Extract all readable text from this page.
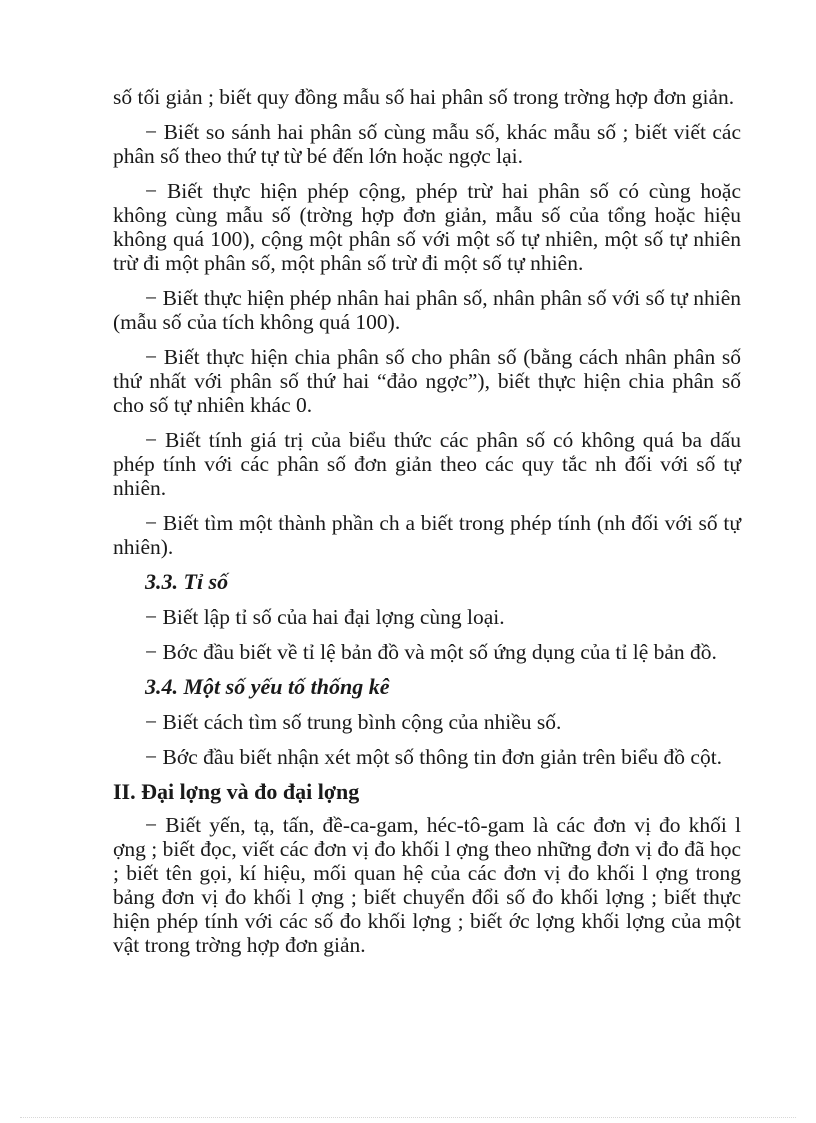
số tối giản ; biết quy đồng mẫu số hai phân số trong trờng hợp đơn giản.

− Biết so sánh hai phân số cùng mẫu số, khác mẫu số ; biết viết các phân số theo thứ tự từ bé đến lớn hoặc ngợc lại.

− Biết thực hiện phép cộng, phép trừ hai phân số có cùng hoặc không cùng mẫu số (trờng hợp đơn giản, mẫu số của tổng hoặc hiệu không quá 100), cộng một phân số với một số tự nhiên, một số tự nhiên trừ đi một phân số, một phân số trừ đi một số tự nhiên.

− Biết thực hiện phép nhân hai phân số, nhân phân số với số tự nhiên (mẫu số của tích không quá 100).

− Biết thực hiện chia phân số cho phân số (bằng cách nhân phân số thứ nhất với phân số thứ hai “đảo ngợc”), biết thực hiện chia phân số cho số tự nhiên khác 0.

− Biết tính giá trị của biểu thức các phân số có không quá ba dấu phép tính với các phân số đơn giản theo các quy tắc nh đối với số tự nhiên.

− Biết tìm một thành phần ch a biết trong phép tính (nh đối với số tự nhiên).

3.3. Tỉ số

− Biết lập tỉ số của hai đại lợng cùng loại.

− Bớc đầu biết về tỉ lệ bản đồ và một số ứng dụng của tỉ lệ bản đồ.

3.4. Một số yếu tố thống kê

− Biết cách tìm số trung bình cộng của nhiều số.

− Bớc đầu biết nhận xét một số thông tin đơn giản trên biểu đồ cột.

II. Đại lợng và đo đại lợng

− Biết yến, tạ, tấn, đề-ca-gam, héc-tô-gam là các đơn vị đo khối l ợng ; biết đọc, viết các đơn vị đo khối l ợng theo những đơn vị đo đã học ; biết tên gọi, kí hiệu, mối quan hệ của các đơn vị đo khối l ợng trong bảng đơn vị đo khối l ợng ; biết chuyển đổi số đo khối lợng ; biết thực hiện phép tính với các số đo khối lợng ; biết ớc lợng khối lợng của một vật trong trờng hợp đơn giản.
